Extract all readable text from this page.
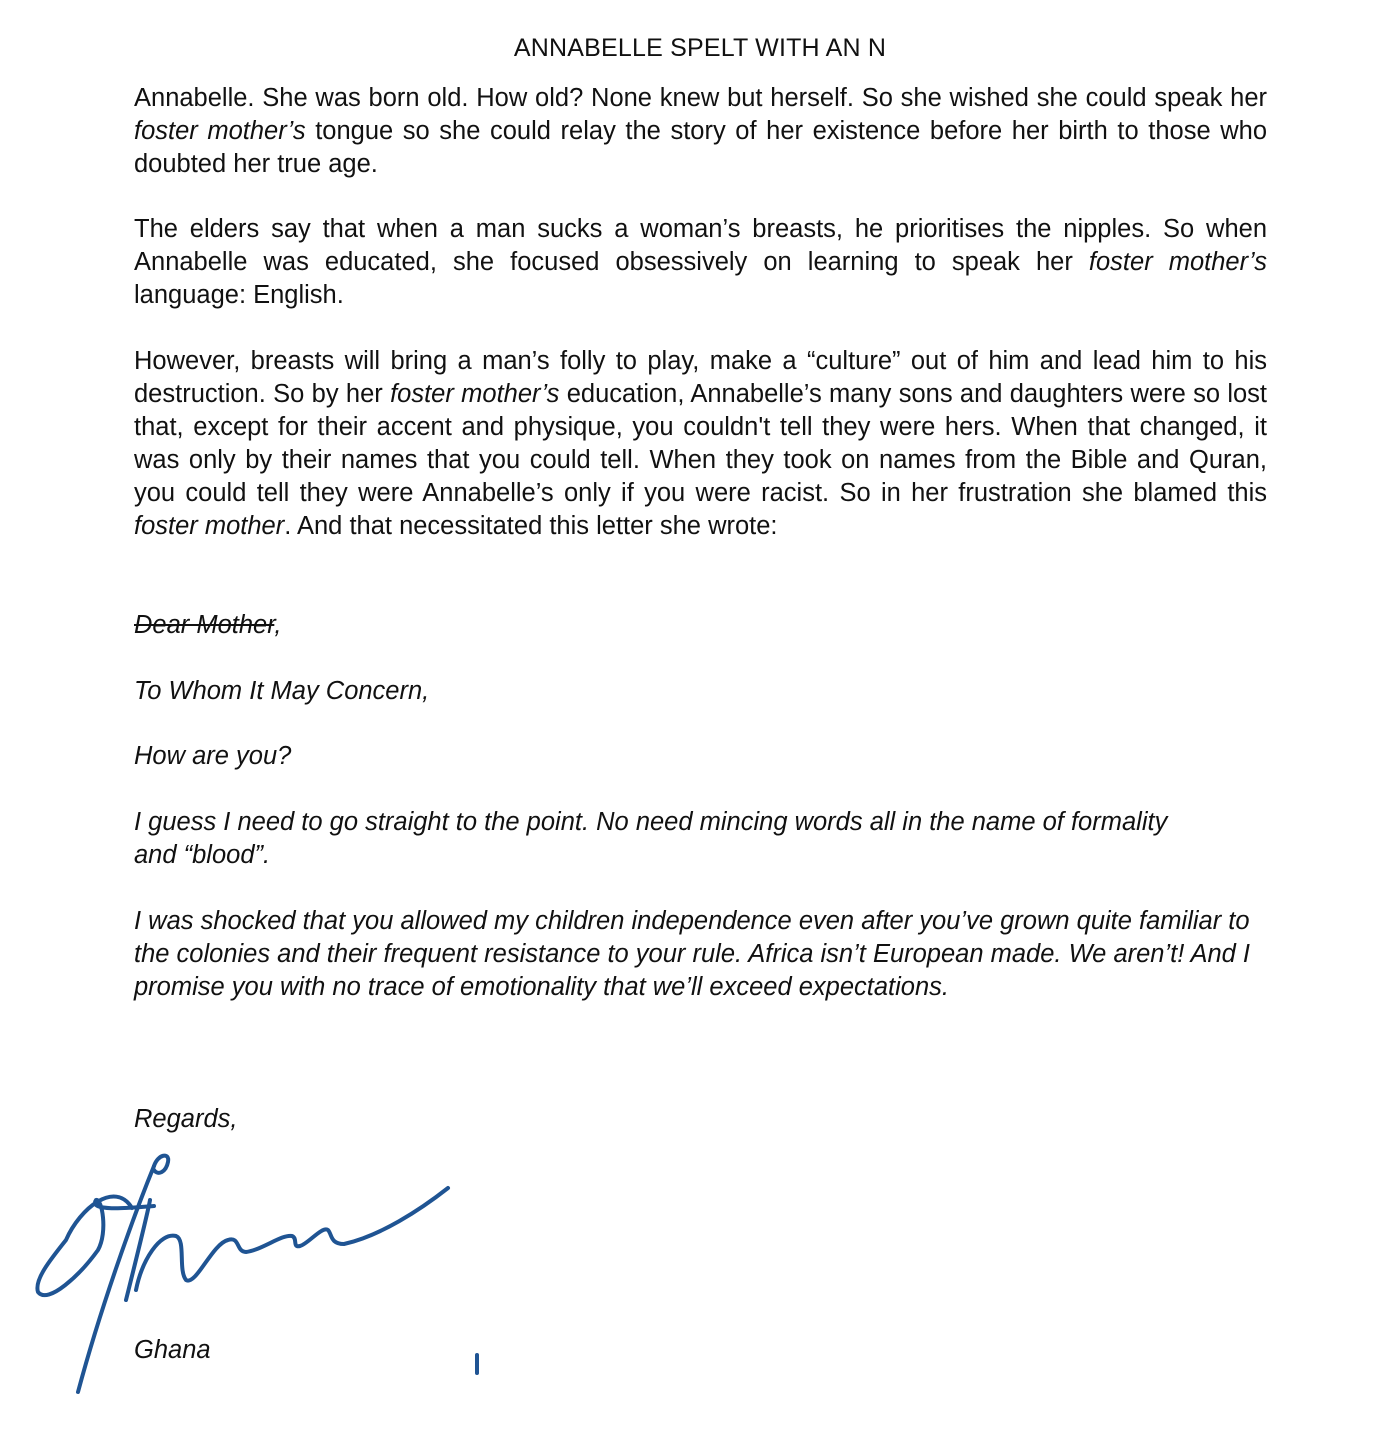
ANNABELLE SPELT WITH AN N

Annabelle. She was born old. How old? None knew but herself. So she wished she could speak her foster mother’s tongue so she could relay the story of her existence before her birth to those who doubted her true age.

The elders say that when a man sucks a woman’s breasts, he prioritises the nipples. So when Annabelle was educated, she focused obsessively on learning to speak her foster mother’s language: English.

However, breasts will bring a man’s folly to play, make a “culture” out of him and lead him to his destruction. So by her foster mother’s education, Annabelle’s many sons and daughters were so lost that, except for their accent and physique, you couldn't tell they were hers. When that changed, it was only by their names that you could tell. When they took on names from the Bible and Quran, you could tell they were Annabelle’s only if you were racist. So in her frustration she blamed this foster mother. And that necessitated this letter she wrote:

Dear Mother,

To Whom It May Concern,

How are you?

I guess I need to go straight to the point. No need mincing words all in the name of formality and “blood”.

I was shocked that you allowed my children independence even after you’ve grown quite familiar to the colonies and their frequent resistance to your rule. Africa isn’t European made. We aren’t! And I promise you with no trace of emotionality that we’ll exceed expectations.

Regards,

Ghana

Ghana
